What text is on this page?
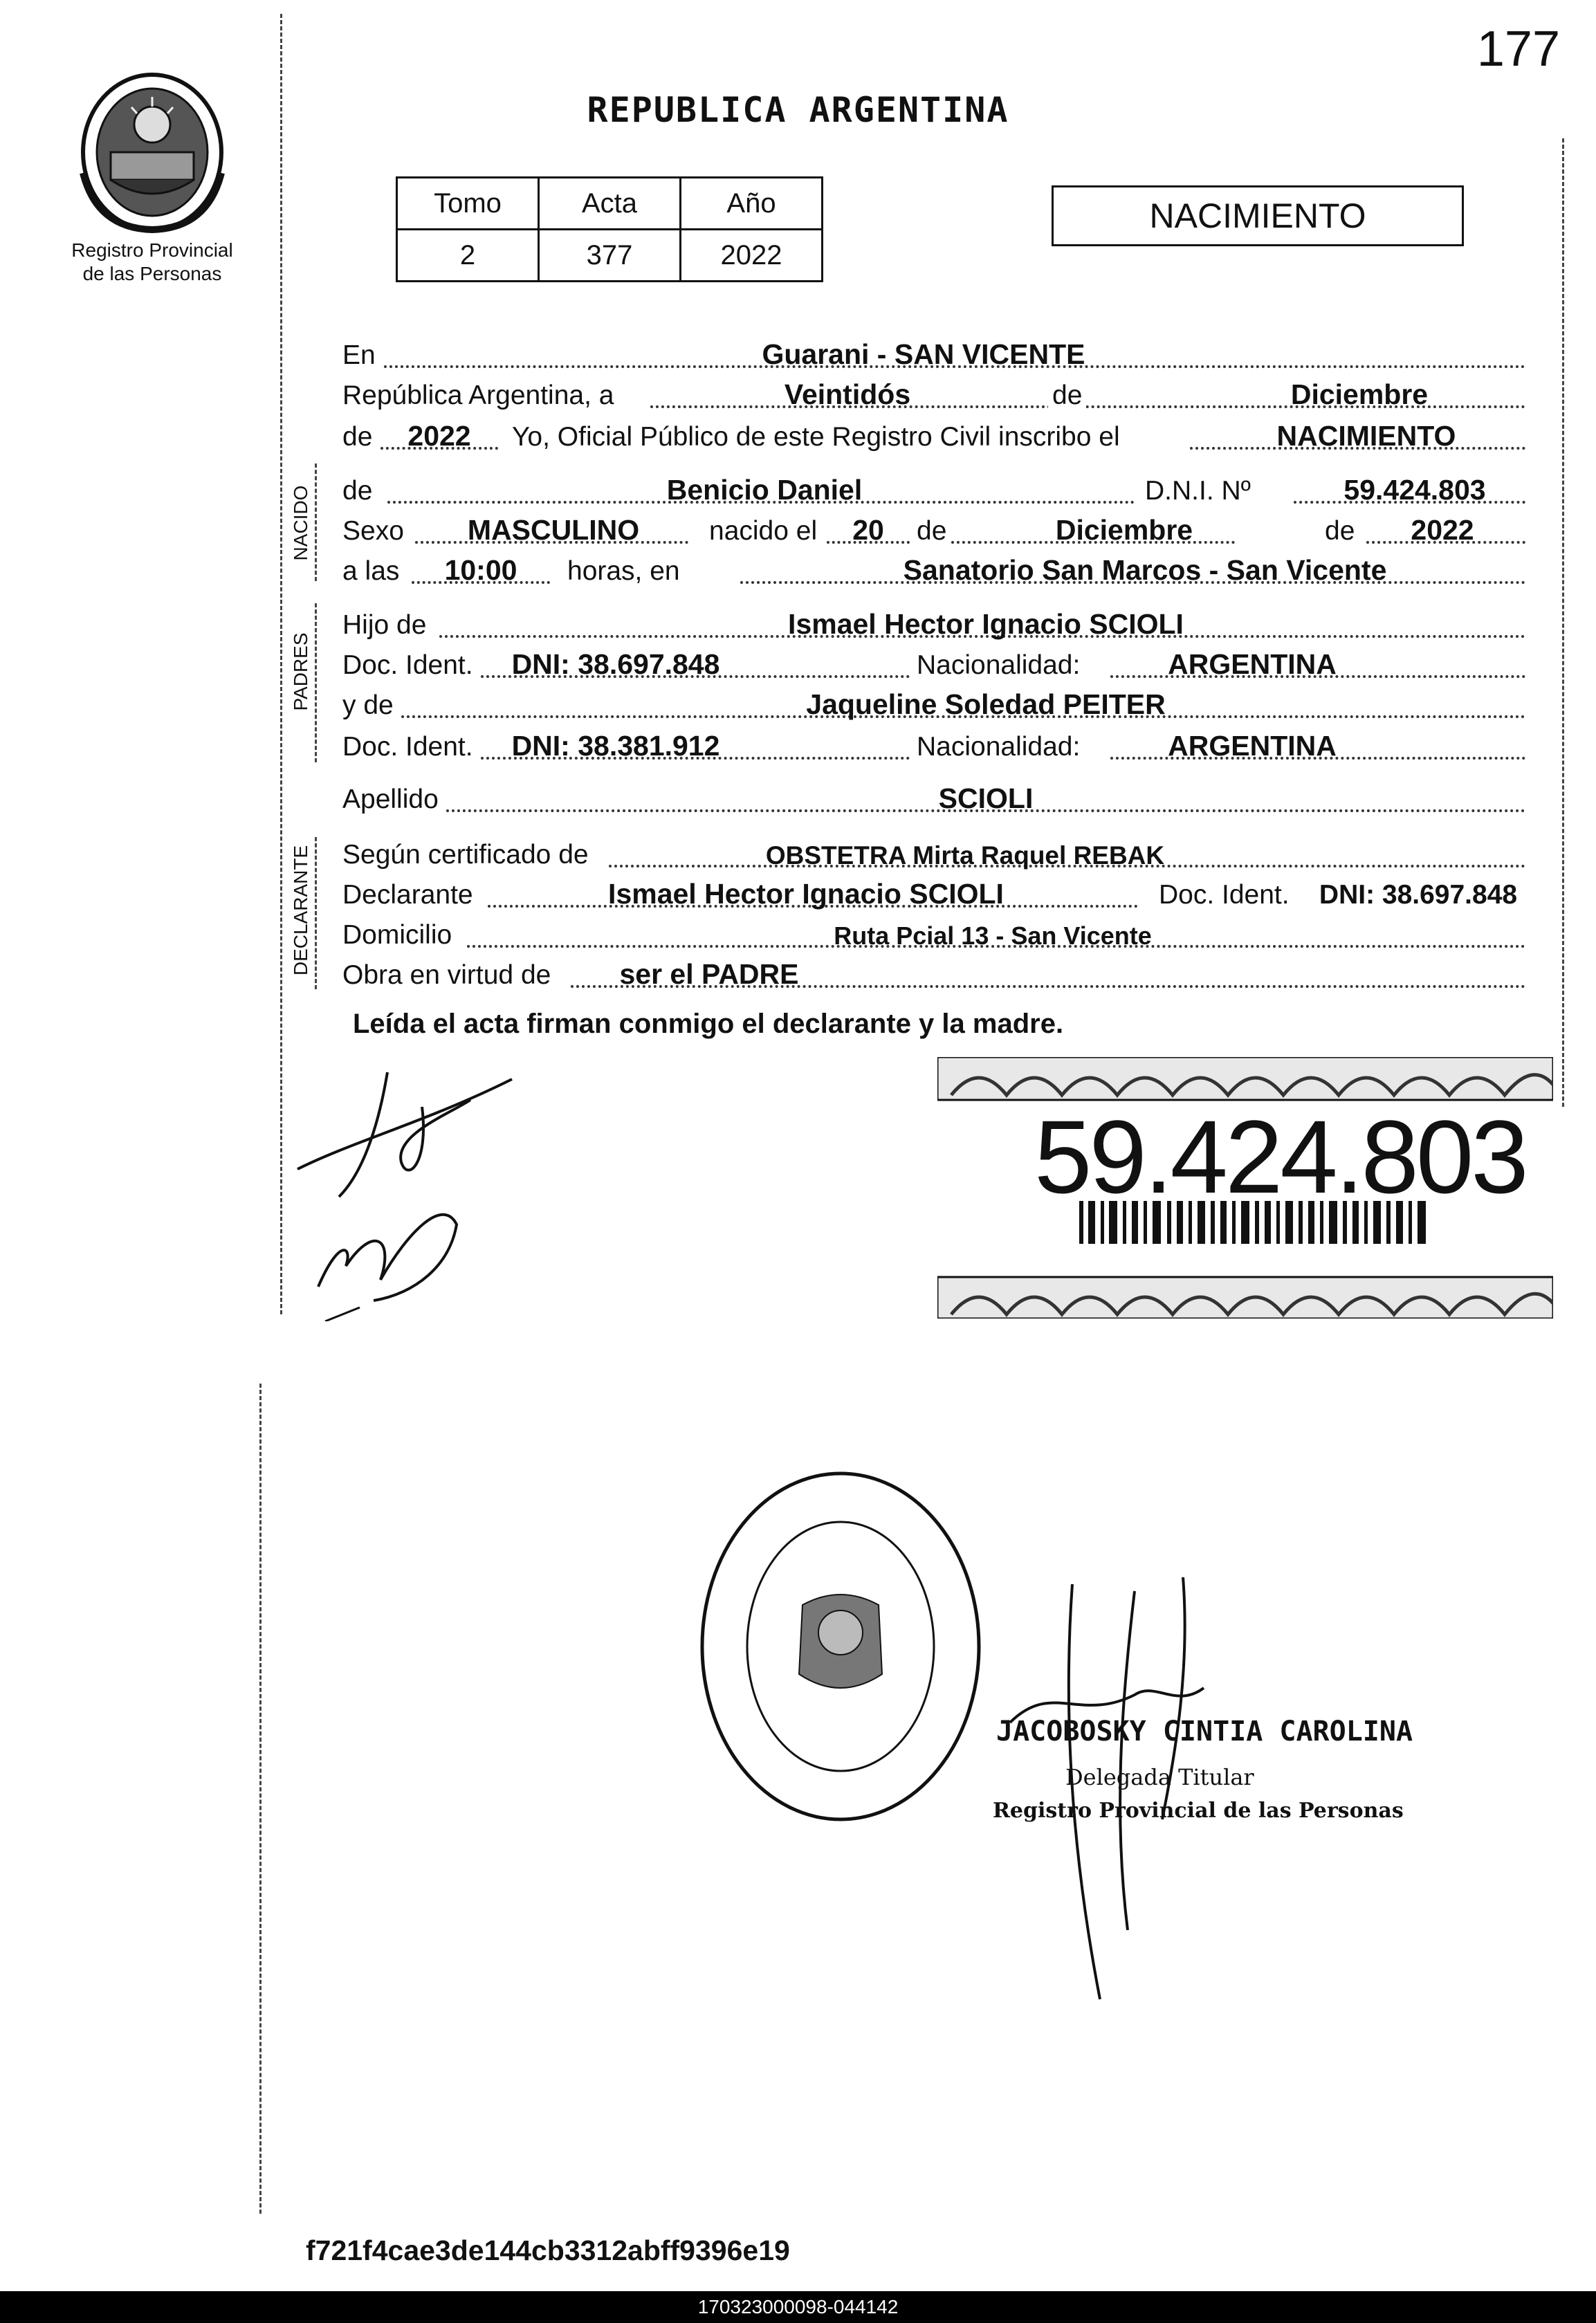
177
Registro Provincial
de las Personas
REPUBLICA ARGENTINA
Tomo	Acta	Año
2	377	2022
NACIMIENTO
En	Guarani - SAN VICENTE
República Argentina, a	Veintidós	de	Diciembre
de	2022	Yo, Oficial Público de este Registro Civil inscribo el	NACIMIENTO
NACIDO de	Benicio Daniel	D.N.I. Nº	59.424.803
Sexo	MASCULINO	nacido el	20	de	Diciembre	de	2022
a las	10:00	horas, en	Sanatorio San Marcos - San Vicente
PADRES
Hijo de	Ismael Hector Ignacio SCIOLI
Doc. Ident.	DNI: 38.697.848	Nacionalidad:	ARGENTINA
y de	Jaqueline Soledad PEITER
Doc. Ident.	DNI: 38.381.912	Nacionalidad:	ARGENTINA
Apellido	SCIOLI
DECLARANTE Según certificado de	OBSTETRA Mirta Raquel REBAK
Declarante	Ismael Hector Ignacio SCIOLI	Doc. Ident.	DNI: 38.697.848
Domicilio	Ruta Pcial 13 - San Vicente
Obra en virtud de ser el PADRE
Leída el acta firman conmigo el declarante y la madre.
59.424.803
JACOBOSKY CINTIA CAROLINA
Delegada Titular
Registro Provincial de las Personas
f721f4cae3de144cb3312abff9396e19
170323000098-044142
